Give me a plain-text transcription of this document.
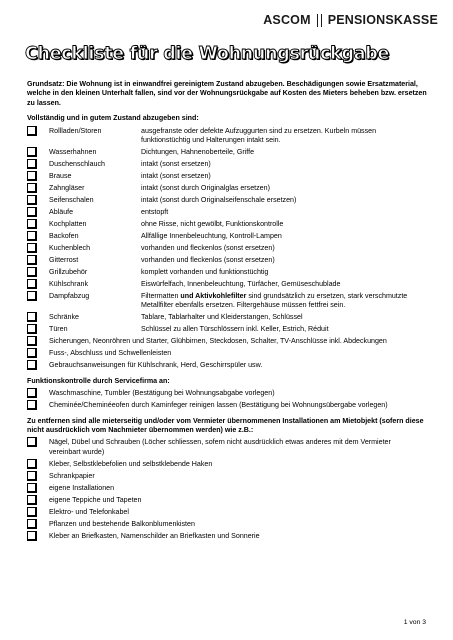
ASCOM PENSIONSKASSE
Checkliste für die Wohnungsrückgabe

Grundsatz: Die Wohnung ist in einwandfrei gereinigtem Zustand abzugeben. Beschädigungen sowie Ersatzmaterial, welche in den kleinen Unterhalt fallen, sind vor der Wohnungsrückgabe auf Kosten des Mieters beheben bzw. ersetzen zu lassen.

Vollständig und in gutem Zustand abzugeben sind:

Rollladen/Storen	ausgefranste oder defekte Aufzuggurten sind zu ersetzen. Kurbeln müssen funktionstüchtig und Halterungen intakt sein.
Wasserhahnen	Dichtungen, Hahnenoberteile, Griffe
Duschenschlauch	intakt (sonst ersetzen)
Brause	intakt (sonst ersetzen)
Zahngläser	intakt (sonst durch Originalglas ersetzen)
Seifenschalen	intakt (sonst durch Originalseifenschale ersetzen)
Abläufe	entstopft
Kochplatten	ohne Risse, nicht gewölbt, Funktionskontrolle
Backofen	Allfällige Innenbeleuchtung, Kontroll-Lampen
Kuchenblech	vorhanden und fleckenlos (sonst ersetzen)
Gitterrost	vorhanden und fleckenlos (sonst ersetzen)
Grillzubehör	komplett vorhanden und funktionstüchtig
Kühlschrank	Eiswürfelfach, Innenbeleuchtung, Türfächer, Gemüseschublade
Dampfabzug	Filtermatten und Aktivkohlefilter sind grundsätzlich zu ersetzen, stark verschmutzte Metallfilter ebenfalls ersetzen. Filtergehäuse müssen fettfrei sein.
Schränke	Tablare, Tablarhalter und Kleiderstangen, Schlüssel
Türen	Schlüssel zu allen Türschlössern inkl. Keller, Estrich, Réduit
Sicherungen, Neonröhren und Starter, Glühbirnen, Steckdosen, Schalter, TV-Anschlüsse inkl. Abdeckungen
Fuss-, Abschluss und Schwellenleisten
Gebrauchsanweisungen für Kühlschrank, Herd, Geschirrspüler usw.

Funktionskontrolle durch Servicefirma an:

Waschmaschine, Tumbler (Bestätigung bei Wohnungsabgabe vorlegen)
Cheminée/Cheminéeofen durch Kaminfeger reinigen lassen (Bestätigung bei Wohnungsübergabe vorlegen)

Zu entfernen sind alle mieterseitig und/oder vom Vermieter übernommenen Installationen am Mietobjekt (sofern diese nicht ausdrücklich vom Nachmieter übernommen werden) wie z.B.:

Nägel, Dübel und Schrauben (Löcher schliessen, sofern nicht ausdrücklich etwas anderes mit dem Vermieter vereinbart wurde)
Kleber, Selbstklebefolien und selbstklebende Haken
Schrankpapier
eigene Installationen
eigene Teppiche und Tapeten
Elektro- und Telefonkabel
Pflanzen und bestehende Balkonblumenkisten
Kleber an Briefkasten, Namenschilder an Briefkasten und Sonnerie
1 von 3
